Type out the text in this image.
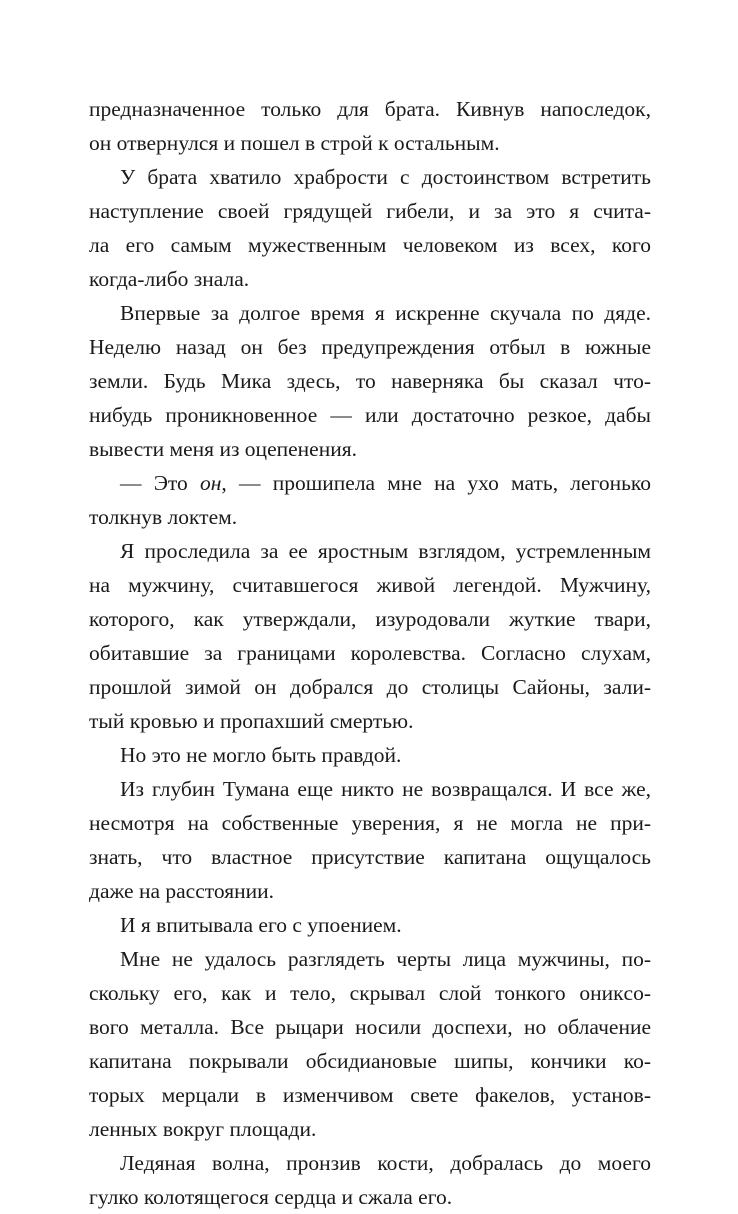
предназначенное только для брата. Кивнув напоследок,
он отвернулся и пошел в строй к остальным.
У брата хватило храбрости с достоинством встретить
наступление своей грядущей гибели, и за это я счита-
ла его самым мужественным человеком из всех, кого
когда-либо знала.
Впервые за долгое время я искренне скучала по дяде.
Неделю назад он без предупреждения отбыл в южные
земли. Будь Мика здесь, то наверняка бы сказал что-
нибудь проникновенное — или достаточно резкое, дабы
вывести меня из оцепенения.
— Это он, — прошипела мне на ухо мать, легонько
толкнув локтем.
Я проследила за ее яростным взглядом, устремленным
на мужчину, считавшегося живой легендой. Мужчину,
которого, как утверждали, изуродовали жуткие твари,
обитавшие за границами королевства. Согласно слухам,
прошлой зимой он добрался до столицы Сайоны, зали-
тый кровью и пропахший смертью.
Но это не могло быть правдой.
Из глубин Тумана еще никто не возвращался. И все же,
несмотря на собственные уверения, я не могла не при-
знать, что властное присутствие капитана ощущалось
даже на расстоянии.
И я впитывала его с упоением.
Мне не удалось разглядеть черты лица мужчины, по-
скольку его, как и тело, скрывал слой тонкого оникco-
вого металла. Все рыцари носили доспехи, но облачение
капитана покрывали обсидиановые шипы, кончики ко-
торых мерцали в изменчивом свете факелов, установ-
ленных вокруг площади.
Ледяная волна, пронзив кости, добралась до моего
гулко колотящегося сердца и сжала его.
